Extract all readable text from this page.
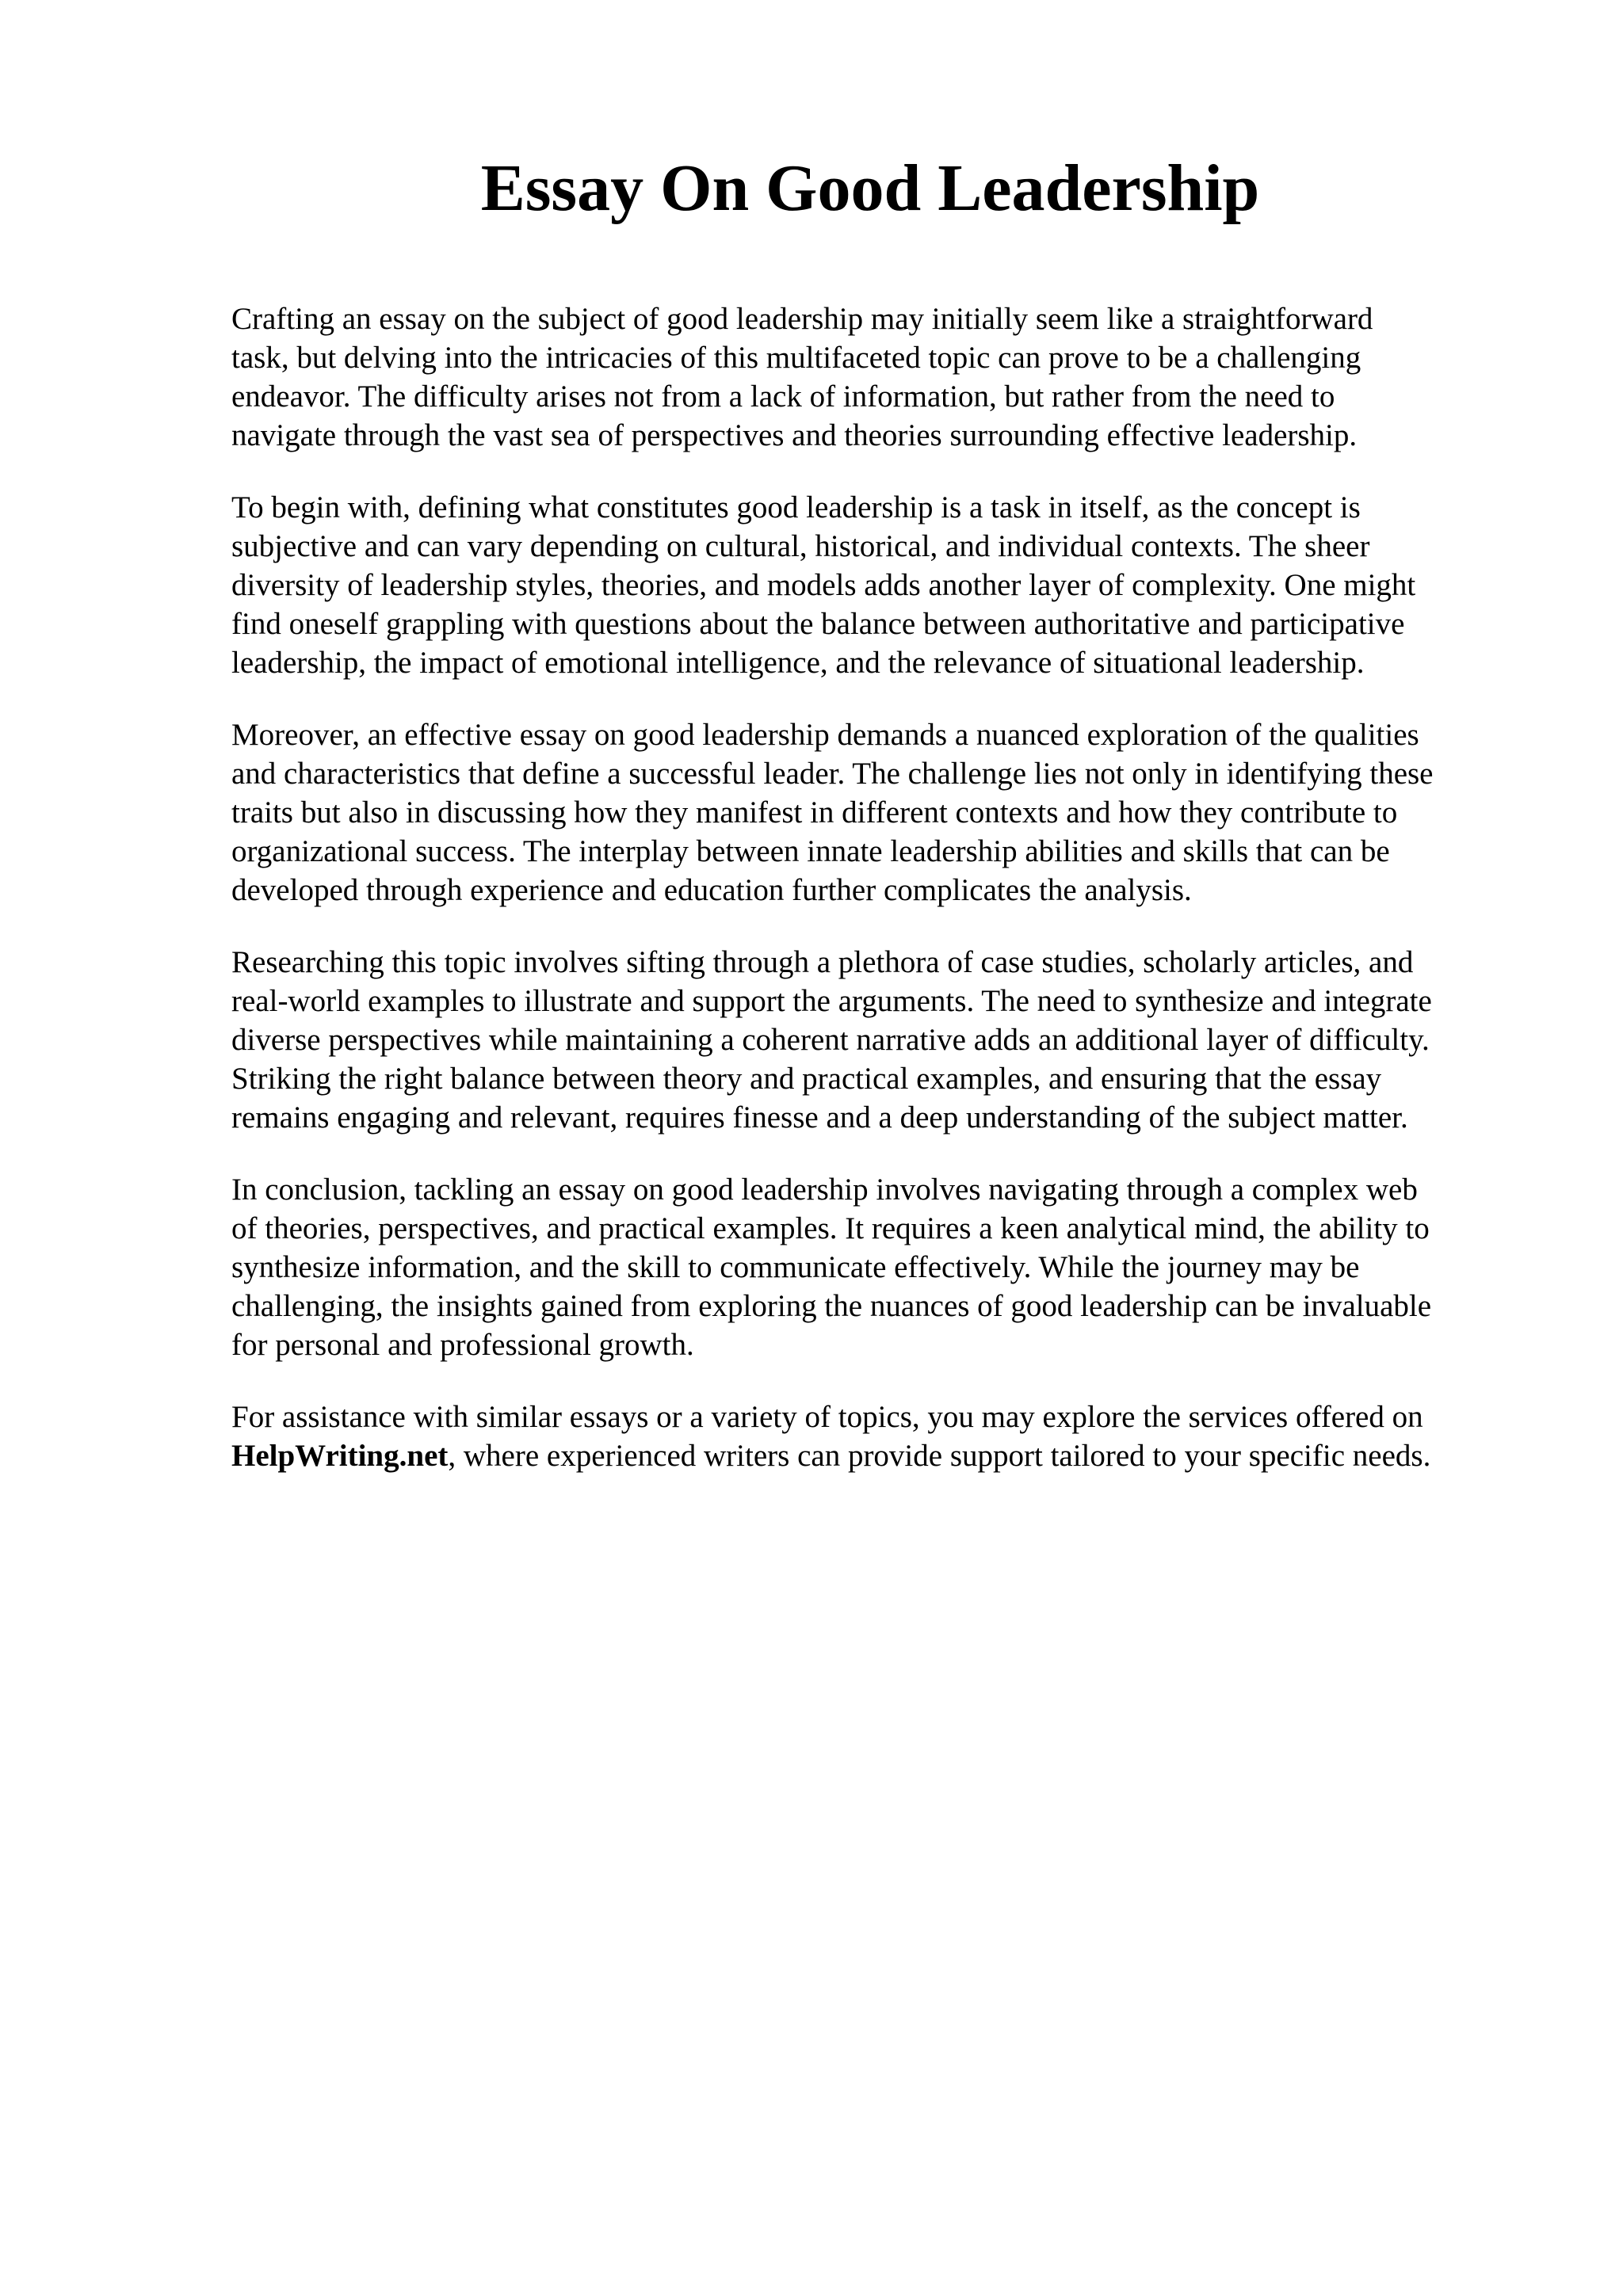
Essay On Good Leadership

Crafting an essay on the subject of good leadership may initially seem like a straightforward
task, but delving into the intricacies of this multifaceted topic can prove to be a challenging
endeavor. The difficulty arises not from a lack of information, but rather from the need to
navigate through the vast sea of perspectives and theories surrounding effective leadership.

To begin with, defining what constitutes good leadership is a task in itself, as the concept is
subjective and can vary depending on cultural, historical, and individual contexts. The sheer
diversity of leadership styles, theories, and models adds another layer of complexity. One might
find oneself grappling with questions about the balance between authoritative and participative
leadership, the impact of emotional intelligence, and the relevance of situational leadership.

Moreover, an effective essay on good leadership demands a nuanced exploration of the qualities
and characteristics that define a successful leader. The challenge lies not only in identifying these
traits but also in discussing how they manifest in different contexts and how they contribute to
organizational success. The interplay between innate leadership abilities and skills that can be
developed through experience and education further complicates the analysis.

Researching this topic involves sifting through a plethora of case studies, scholarly articles, and
real-world examples to illustrate and support the arguments. The need to synthesize and integrate
diverse perspectives while maintaining a coherent narrative adds an additional layer of difficulty.
Striking the right balance between theory and practical examples, and ensuring that the essay
remains engaging and relevant, requires finesse and a deep understanding of the subject matter.

In conclusion, tackling an essay on good leadership involves navigating through a complex web
of theories, perspectives, and practical examples. It requires a keen analytical mind, the ability to
synthesize information, and the skill to communicate effectively. While the journey may be
challenging, the insights gained from exploring the nuances of good leadership can be invaluable
for personal and professional growth.

For assistance with similar essays or a variety of topics, you may explore the services offered on
HelpWriting.net, where experienced writers can provide support tailored to your specific needs.
